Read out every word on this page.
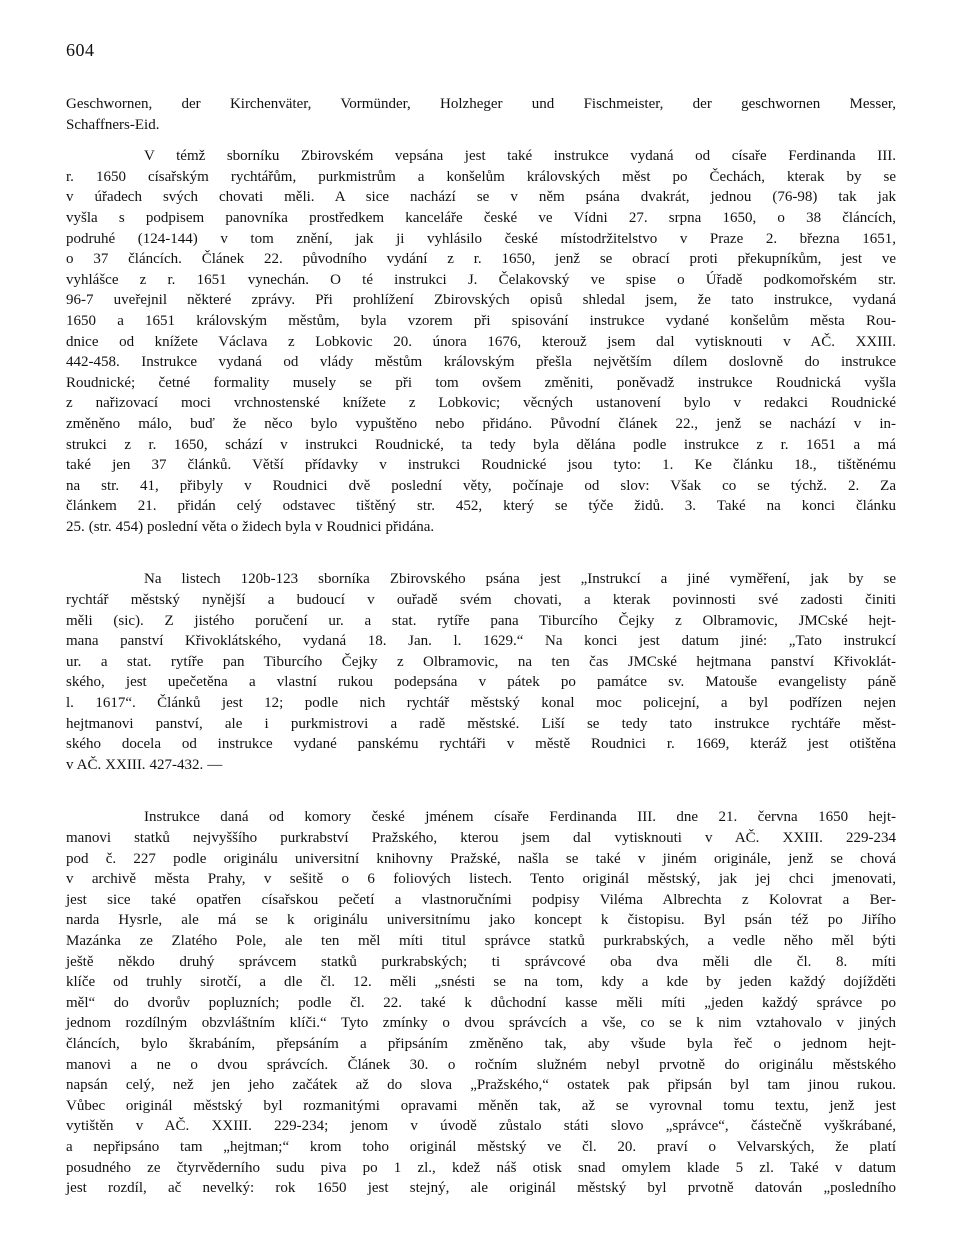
604

Geschwornen, der Kirchenväter, Vormünder, Holzheger und Fischmeister, der geschwornen Messer,
Schaffners-Eid.

V témž sborníku Zbirovském vepsána jest také instrukce vydaná od císaře Ferdinanda III.
r. 1650 císařským rychtářům, purkmistrům a konšelům královských měst po Čechách, kterak by se
v úřadech svých chovati měli. A sice nachází se v něm psána dvakrát, jednou (76-98) tak jak
vyšla s podpisem panovníka prostředkem kanceláře české ve Vídni 27. srpna 1650, o 38 článcích,
podruhé (124-144) v tom znění, jak ji vyhlásilo české místodržitelstvo v Praze 2. března 1651,
o 37 článcích. Článek 22. původního vydání z r. 1650, jenž se obrací proti překupníkům, jest ve
vyhlášce z r. 1651 vynechán. O té instrukci J. Čelakovský ve spise o Úřadě podkomořském str.
96-7 uveřejnil některé zprávy. Při prohlížení Zbirovských opisů shledal jsem, že tato instrukce, vydaná
1650 a 1651 královským městům, byla vzorem při spisování instrukce vydané konšelům města Rou-
dnice od knížete Václava z Lobkovic 20. února 1676, kterouž jsem dal vytisknouti v AČ. XXIII.
442-458. Instrukce vydaná od vlády městům královským přešla největším dílem doslovně do instrukce
Roudnické; četné formality musely se při tom ovšem změniti, poněvadž instrukce Roudnická vyšla
z nařizovací moci vrchnostenské knížete z Lobkovic; věcných ustanovení bylo v redakci Roudnické
změněno málo, buď že něco bylo vypuštěno nebo přidáno. Původní článek 22., jenž se nachází v in-
strukci z r. 1650, schází v instrukci Roudnické, ta tedy byla dělána podle instrukce z r. 1651 a má
také jen 37 článků. Větší přídavky v instrukci Roudnické jsou tyto: 1. Ke článku 18., tištěnému
na str. 41, přibyly v Roudnici dvě poslední věty, počínaje od slov: Však co se týchž. 2. Za
článkem 21. přidán celý odstavec tištěný str. 452, který se týče židů. 3. Také na konci článku
25. (str. 454) poslední věta o židech byla v Roudnici přidána.

Na listech 120b-123 sborníka Zbirovského psána jest „Instrukcí a jiné vyměření, jak by se
rychtář městský nynější a budoucí v ouřadě svém chovati, a kterak povinnosti své zadosti činiti
měli (sic). Z jistého poručení ur. a stat. rytíře pana Tiburcího Čejky z Olbramovic, JMCské hejt-
mana panství Křivoklátského, vydaná 18. Jan. l. 1629.“ Na konci jest datum jiné: „Tato instrukcí
ur. a stat. rytíře pan Tiburcího Čejky z Olbramovic, na ten čas JMCské hejtmana panství Křivoklát-
ského, jest upečetěna a vlastní rukou podepsána v pátek po památce sv. Matouše evangelisty páně
l. 1617“. Článků jest 12; podle nich rychtář městský konal moc policejní, a byl podřízen nejen
hejtmanovi panství, ale i purkmistrovi a radě městské. Liší se tedy tato instrukce rychtáře měst-
ského docela od instrukce vydané panskému rychtáři v městě Roudnici r. 1669, kteráž jest otištěna
v AČ. XXIII. 427-432. —

Instrukce daná od komory české jménem císaře Ferdinanda III. dne 21. června 1650 hejt-
manovi statků nejvyššího purkrabství Pražského, kterou jsem dal vytisknouti v AČ. XXIII. 229-234
pod č. 227 podle originálu universitní knihovny Pražské, našla se také v jiném originále, jenž se chová
v archivě města Prahy, v sešitě o 6 foliových listech. Tento originál městský, jak jej chci jmenovati,
jest sice také opatřen císařskou pečetí a vlastnoručními podpisy Viléma Albrechta z Kolovrat a Ber-
narda Hysrle, ale má se k originálu universitnímu jako koncept k čistopisu. Byl psán též po Jiřího
Mazánka ze Zlatého Pole, ale ten měl míti titul správce statků purkrabských, a vedle něho měl býti
ještě někdo druhý správcem statků purkrabských; ti správcové oba dva měli dle čl. 8. míti
klíče od truhly sirotčí, a dle čl. 12. měli „snésti se na tom, kdy a kde by jeden každý dojížděti
měl“ do dvorův popluzních; podle čl. 22. také k důchodní kasse měli míti „jeden každý správce po
jednom rozdílným obzvláštním klíči.“ Tyto zmínky o dvou správcích a vše, co se k nim vztahovalo v jiných
článcích, bylo škrabáním, přepsáním a připsáním změněno tak, aby všude byla řeč o jednom hejt-
manovi a ne o dvou správcích. Článek 30. o ročním služném nebyl prvotně do originálu městského
napsán celý, než jen jeho začátek až do slova „Pražského,“ ostatek pak připsán byl tam jinou rukou.
Vůbec originál městský byl rozmanitými opravami měněn tak, až se vyrovnal tomu textu, jenž jest
vytištěn v AČ. XXIII. 229-234; jenom v úvodě zůstalo státi slovo „správce“, částečně vyškrábané,
a nepřipsáno tam „hejtman;“ krom toho originál městský ve čl. 20. praví o Velvarských, že platí
posudného ze čtyrvěderního sudu piva po 1 zl., kdež náš otisk snad omylem klade 5 zl. Také v datum
jest rozdíl, ač nevelký: rok 1650 jest stejný, ale originál městský byl prvotně datován „posledního
